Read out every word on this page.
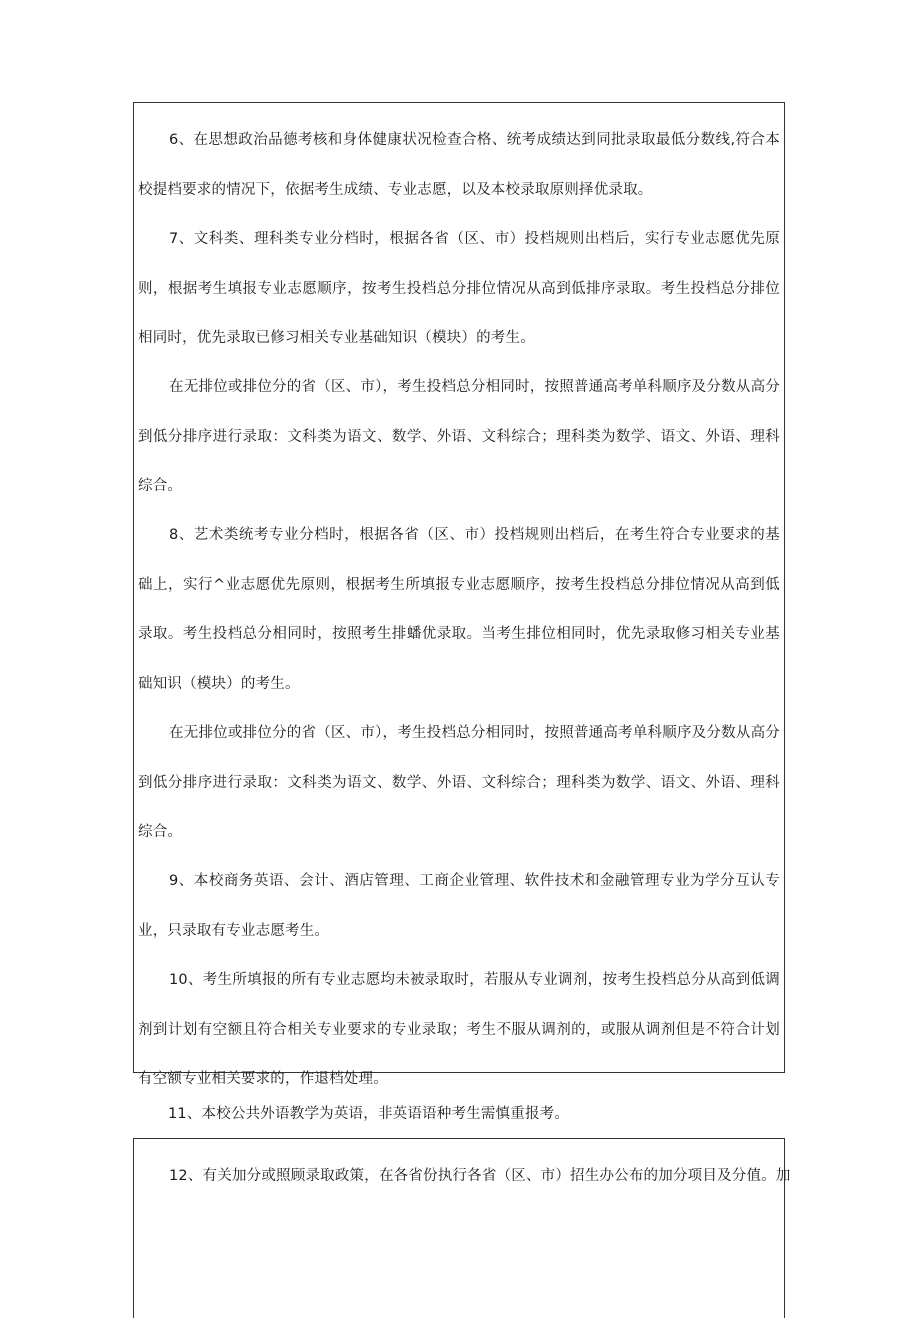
6、在思想政治品德考核和身体健康状况检查合格、统考成绩达到同批录取最低分数线,符合本校提档要求的情况下，依据考生成绩、专业志愿，以及本校录取原则择优录取。

7、文科类、理科类专业分档时，根据各省（区、市）投档规则出档后，实行专业志愿优先原则，根据考生填报专业志愿顺序，按考生投档总分排位情况从高到低排序录取。考生投档总分排位相同时，优先录取已修习相关专业基础知识（模块）的考生。

在无排位或排位分的省（区、市），考生投档总分相同时，按照普通高考单科顺序及分数从高分到低分排序进行录取：文科类为语文、数学、外语、文科综合；理科类为数学、语文、外语、理科综合。

8、艺术类统考专业分档时，根据各省（区、市）投档规则出档后，在考生符合专业要求的基础上，实行^业志愿优先原则，根据考生所填报专业志愿顺序，按考生投档总分排位情况从高到低录取。考生投档总分相同时，按照考生排蟠优录取。当考生排位相同时，优先录取修习相关专业基础知识（模块）的考生。

在无排位或排位分的省（区、市），考生投档总分相同时，按照普通高考单科顺序及分数从高分到低分排序进行录取：文科类为语文、数学、外语、文科综合；理科类为数学、语文、外语、理科综合。

9、本校商务英语、会计、酒店管理、工商企业管理、软件技术和金融管理专业为学分互认专业，只录取有专业志愿考生。

10、考生所填报的所有专业志愿均未被录取时，若服从专业调剂，按考生投档总分从高到低调剂到计划有空额且符合相关专业要求的专业录取；考生不服从调剂的，或服从调剂但是不符合计划有空额专业相关要求的，作退档处理。

11、本校公共外语教学为英语，非英语语种考生需慎重报考。

12、有关加分或照顾录取政策，在各省份执行各省（区、市）招生办公布的加分项目及分值。加
